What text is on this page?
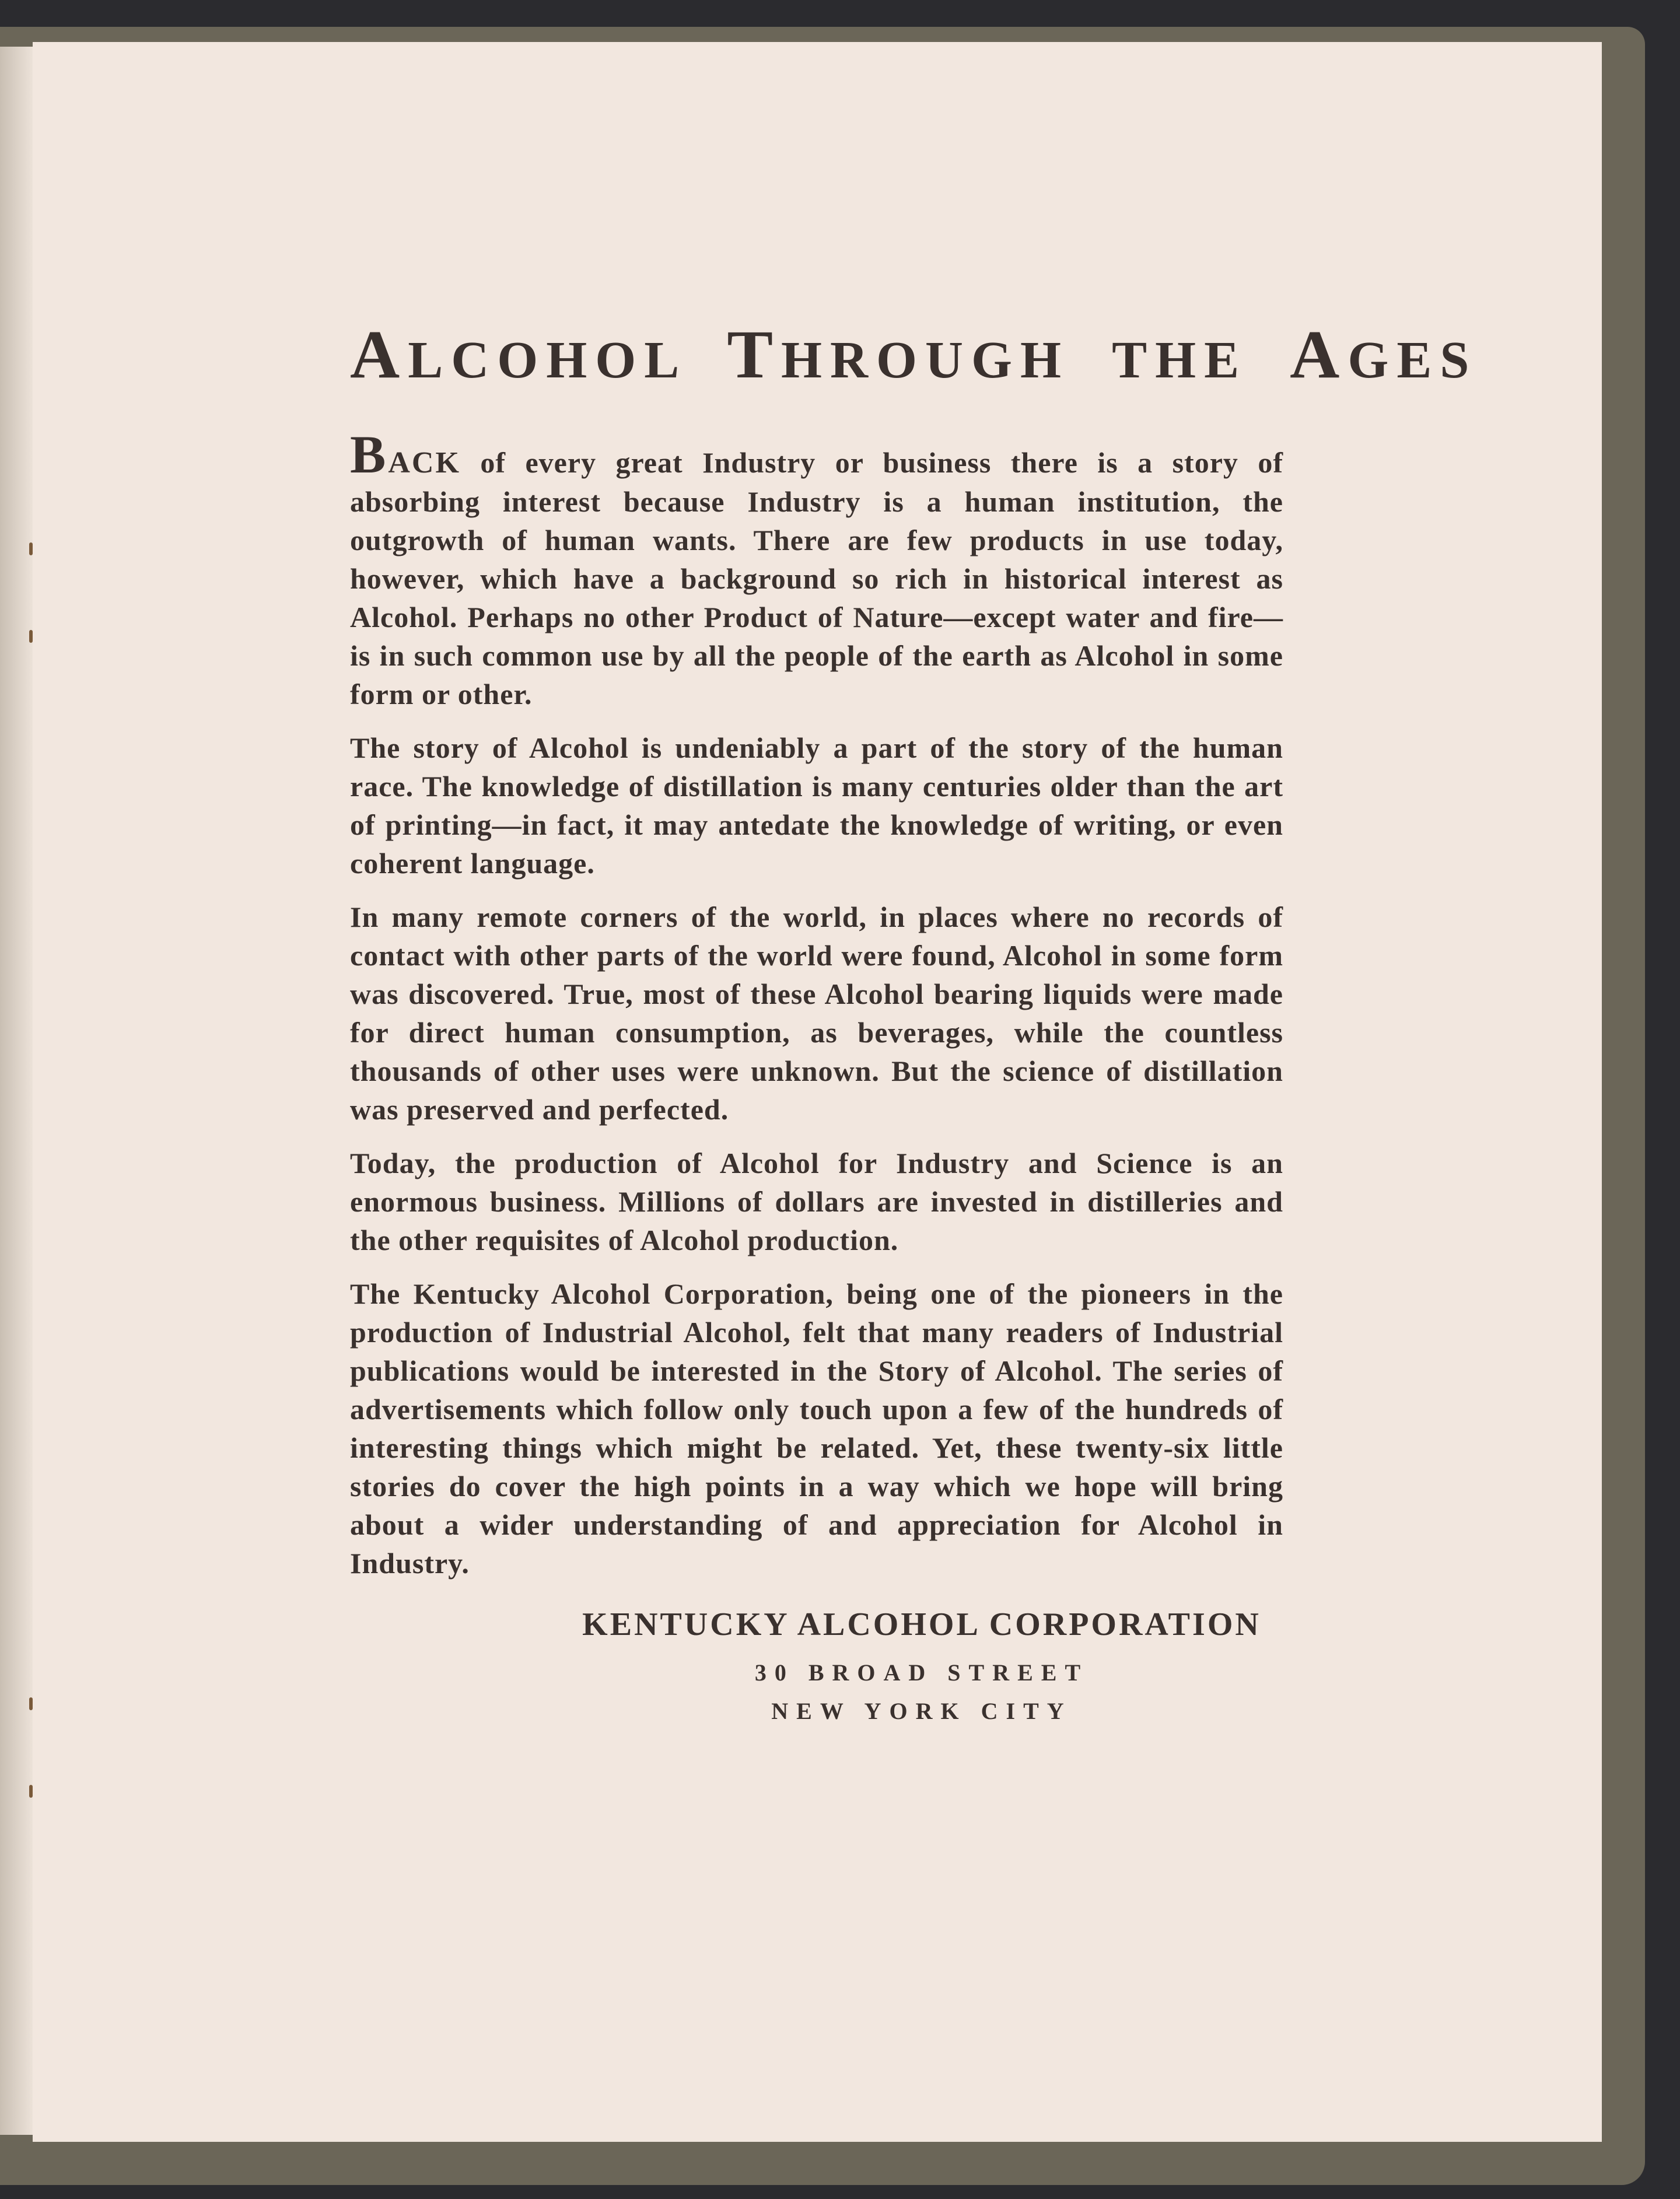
ALCOHOL THROUGH THE AGES

BACK of every great Industry or business there is a story of absorbing interest because Industry is a human institution, the outgrowth of human wants. There are few products in use today, however, which have a background so rich in historical interest as Alcohol. Perhaps no other Product of Nature—except water and fire—is in such common use by all the people of the earth as Alcohol in some form or other.

The story of Alcohol is undeniably a part of the story of the human race. The knowledge of distillation is many centuries older than the art of printing—in fact, it may antedate the knowledge of writing, or even coherent language.

In many remote corners of the world, in places where no records of contact with other parts of the world were found, Alcohol in some form was discovered. True, most of these Alcohol bearing liquids were made for direct human consumption, as beverages, while the countless thousands of other uses were unknown. But the science of distillation was preserved and perfected.

Today, the production of Alcohol for Industry and Science is an enormous business. Millions of dollars are invested in distilleries and the other requisites of Alcohol production.

The Kentucky Alcohol Corporation, being one of the pioneers in the production of Industrial Alcohol, felt that many readers of Industrial publications would be interested in the Story of Alcohol. The series of advertisements which follow only touch upon a few of the hundreds of interesting things which might be related. Yet, these twenty-six little stories do cover the high points in a way which we hope will bring about a wider understanding of and appreciation for Alcohol in Industry.

KENTUCKY ALCOHOL CORPORATION
30 BROAD STREET
NEW YORK CITY
